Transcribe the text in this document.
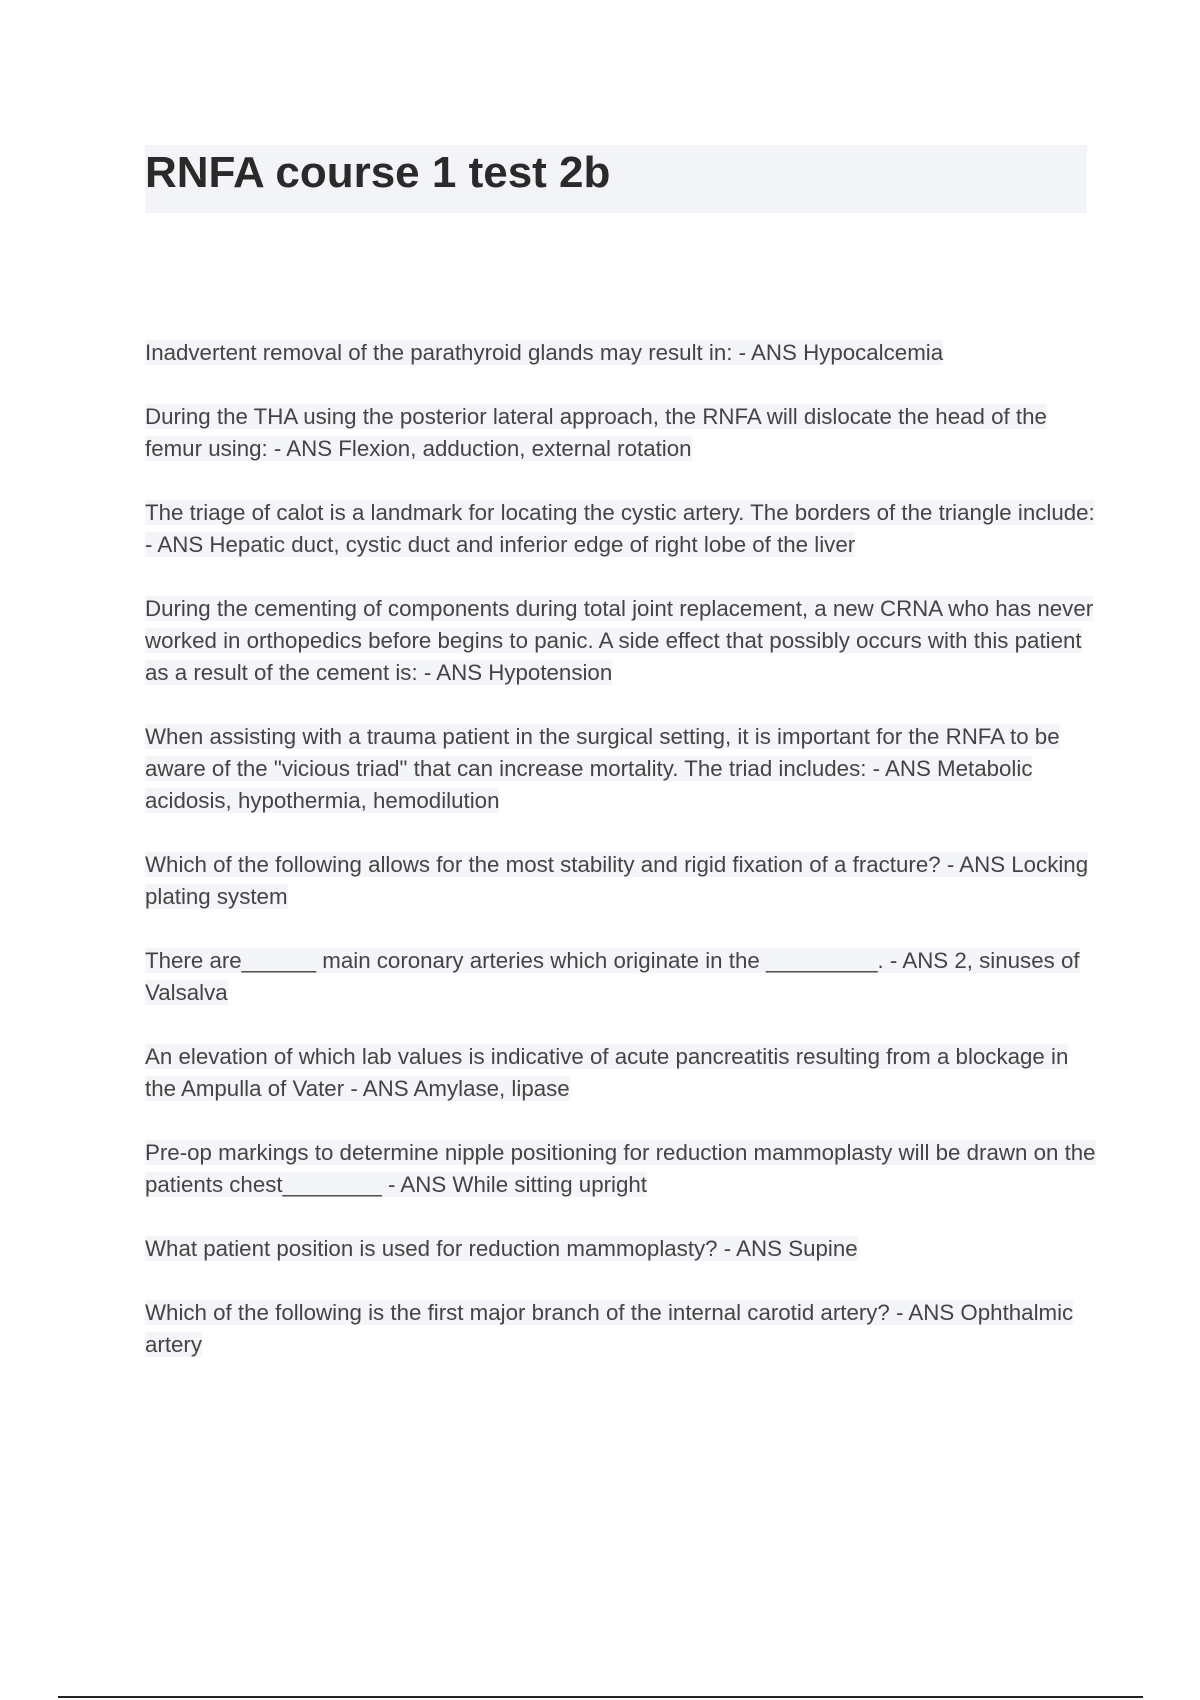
RNFA course 1 test 2b

Inadvertent removal of the parathyroid glands may result in: - ANS Hypocalcemia

During the THA using the posterior lateral approach, the RNFA will dislocate the head of the femur using: - ANS Flexion, adduction, external rotation

The triage of calot is a landmark for locating the cystic artery. The borders of the triangle include: - ANS Hepatic duct, cystic duct and inferior edge of right lobe of the liver

During the cementing of components during total joint replacement, a new CRNA who has never worked in orthopedics before begins to panic. A side effect that possibly occurs with this patient as a result of the cement is: - ANS Hypotension

When assisting with a trauma patient in the surgical setting, it is important for the RNFA to be aware of the "vicious triad" that can increase mortality. The triad includes: - ANS Metabolic acidosis, hypothermia, hemodilution

Which of the following allows for the most stability and rigid fixation of a fracture? - ANS Locking plating system

There are______ main coronary arteries which originate in the _________. - ANS 2, sinuses of Valsalva

An elevation of which lab values is indicative of acute pancreatitis resulting from a blockage in the Ampulla of Vater - ANS Amylase, lipase

Pre-op markings to determine nipple positioning for reduction mammoplasty will be drawn on the patients chest________ - ANS While sitting upright

What patient position is used for reduction mammoplasty? - ANS Supine

Which of the following is the first major branch of the internal carotid artery? - ANS Ophthalmic artery
